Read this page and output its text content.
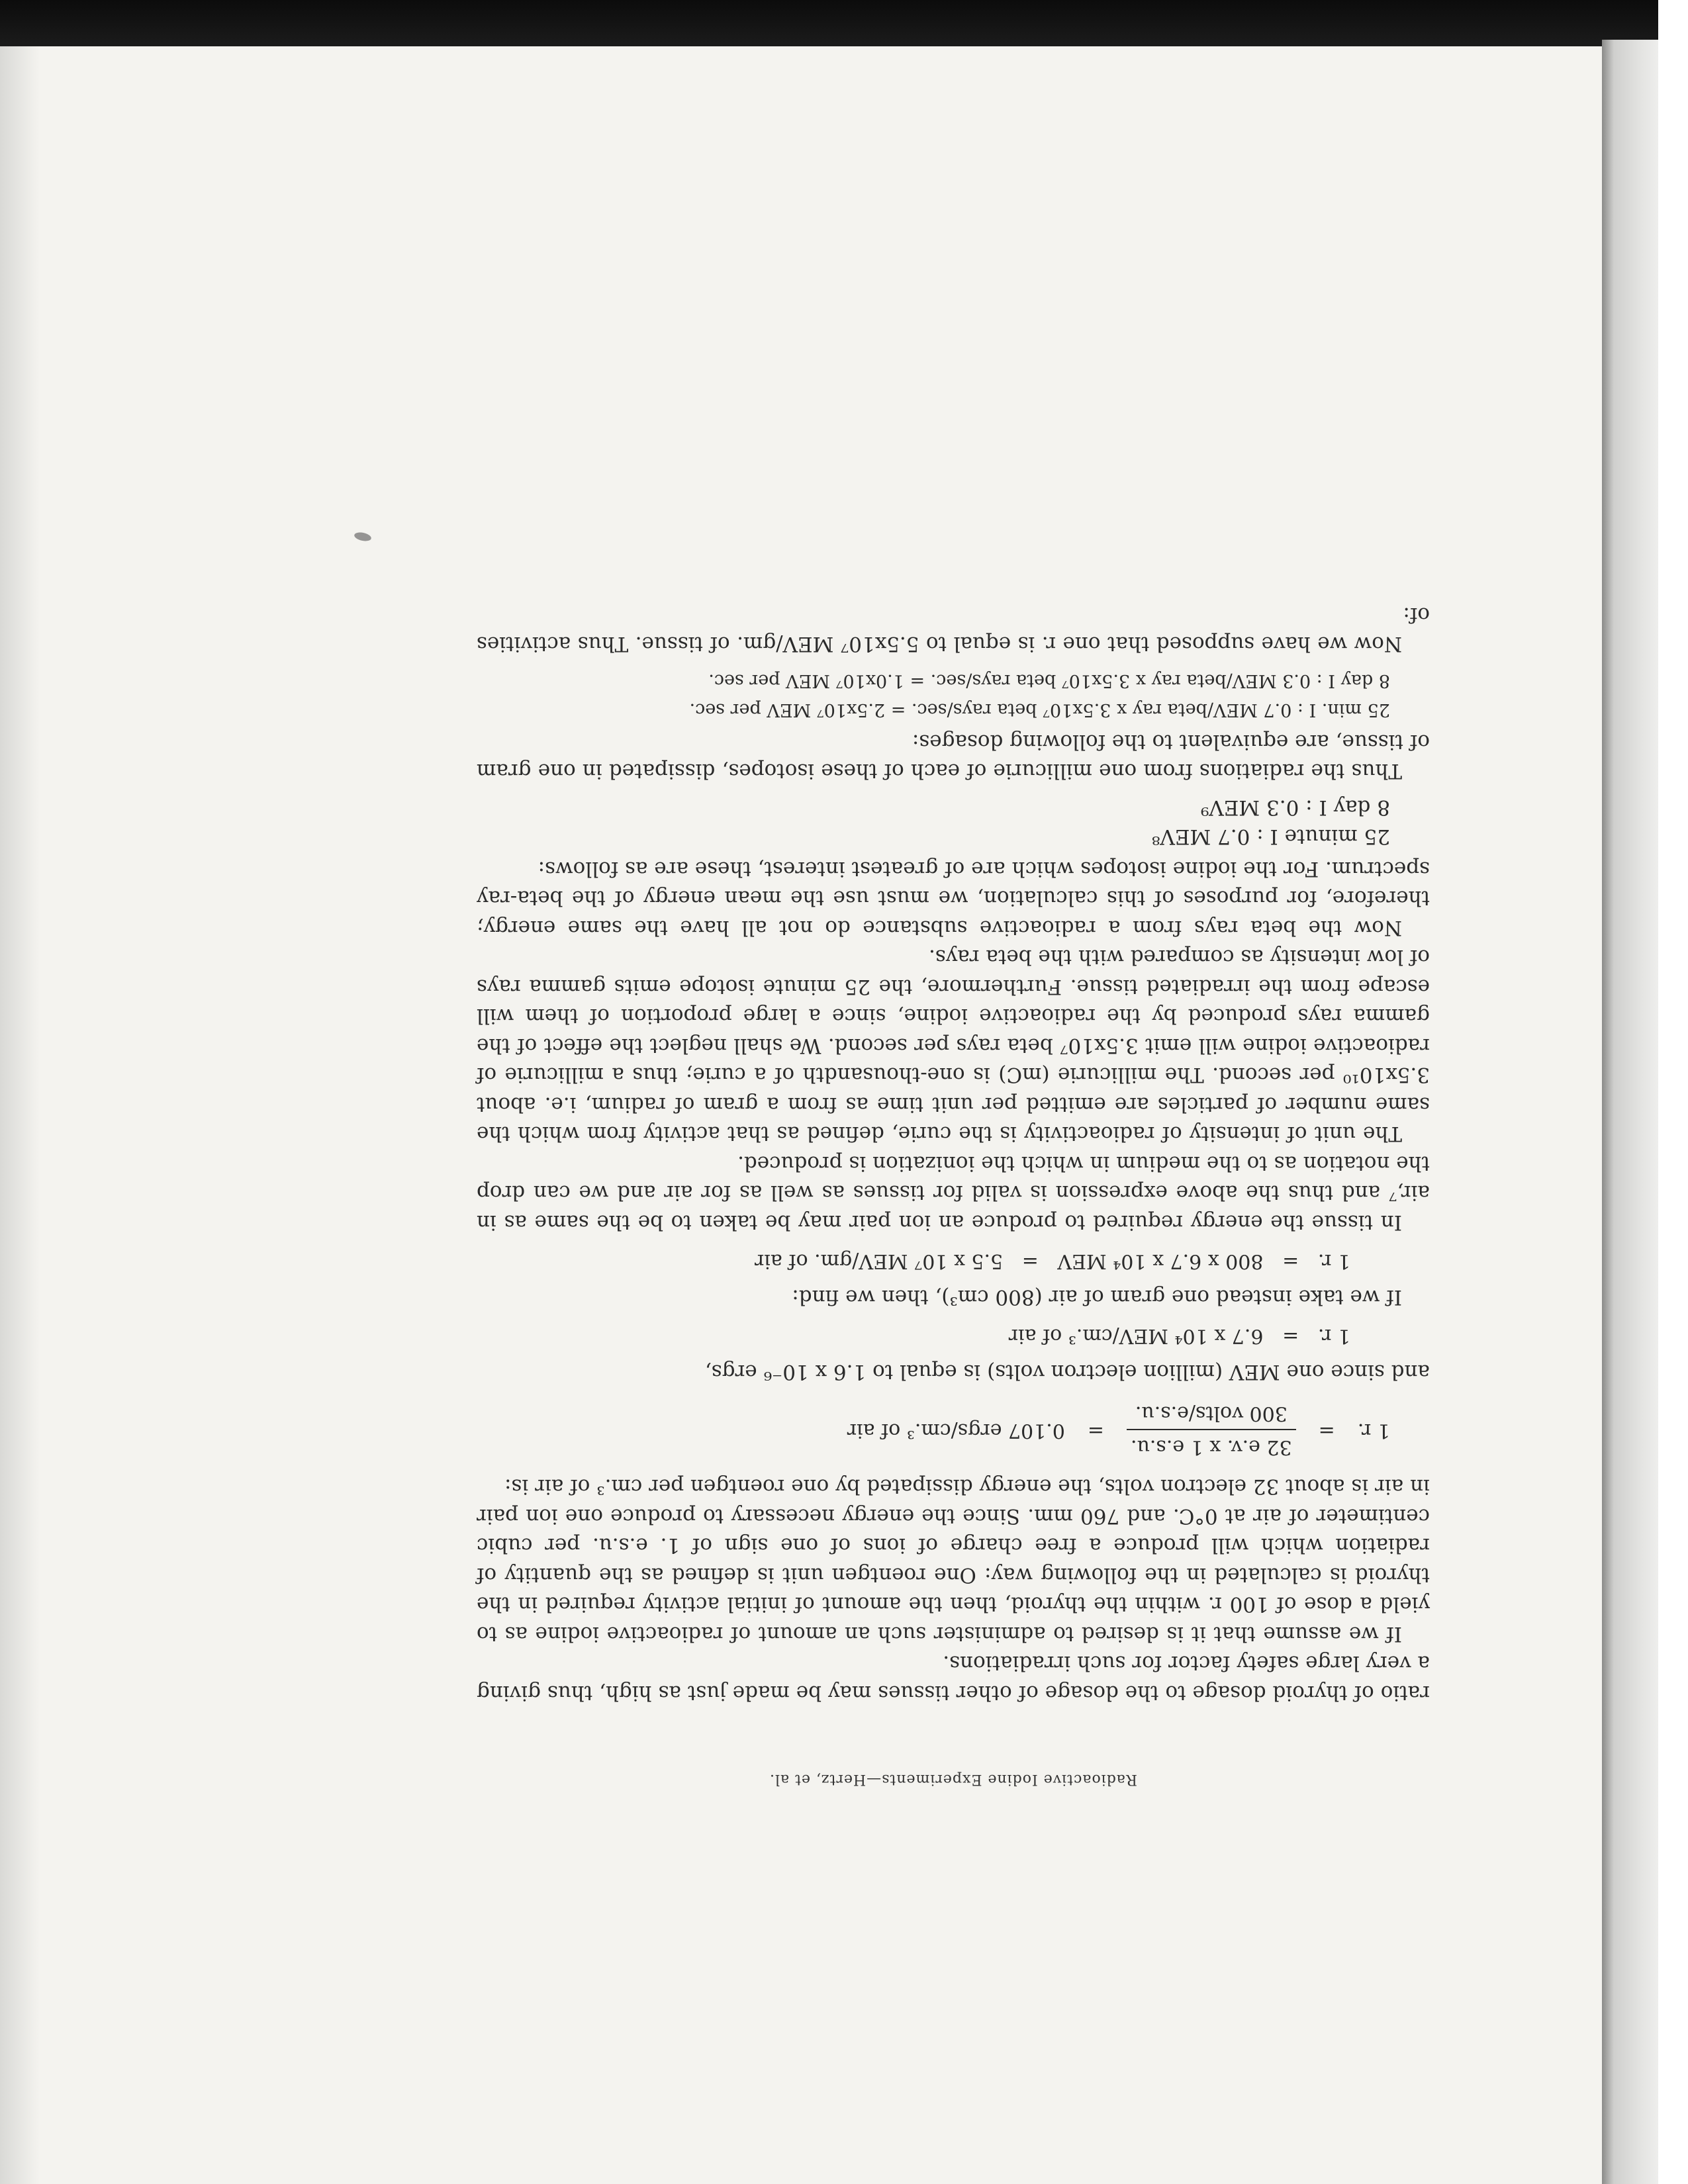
Radioactive Iodine Experiments—Hertz, et al.

ratio of thyroid dosage to the dosage of other tissues may be made just as high, thus giving a very large safety factor for such irradiations.

If we assume that it is desired to administer such an amount of radioactive iodine as to yield a dose of 100 r. within the thyroid, then the amount of initial activity required in the thyroid is calculated in the following way: One roentgen unit is defined as the quantity of radiation which will produce a free charge of ions of one sign of 1. e.s.u. per cubic centimeter of air at 0°C. and 760 mm. Since the energy necessary to produce one ion pair in air is about 32 electron volts, the energy dissipated by one roentgen per cm.³ of air is:

1 r.
=
32 e.v. x 1 e.s.u.
300 volts/e.s.u.
=
0.107 ergs/cm.³ of air

and since one MEV (million electron volts) is equal to 1.6 x 10⁻⁶ ergs,

1 r.   =   6.7 x 10⁴ MEV/cm.³ of air

If we take instead one gram of air (800 cm³), then we find:

1 r.   =   800 x 6.7 x 10⁴ MEV   =   5.5 x 10⁷ MEV/gm. of air

In tissue the energy required to produce an ion pair may be taken to be the same as in air,⁷ and thus the above expression is valid for tissues as well as for air and we can drop the notation as to the medium in which the ionization is produced.

The unit of intensity of radioactivity is the curie, defined as that activity from which the same number of particles are emitted per unit time as from a gram of radium, i.e. about 3.5x10¹⁰ per second. The millicurie (mC) is one-thousandth of a curie; thus a millicurie of radioactive iodine will emit 3.5x10⁷ beta rays per second. We shall neglect the effect of the gamma rays produced by the radioactive iodine, since a large proportion of them will escape from the irradiated tissue. Furthermore, the 25 minute isotope emits gamma rays of low intensity as compared with the beta rays.

Now the beta rays from a radioactive substance do not all have the same energy; therefore, for purposes of this calculation, we must use the mean energy of the beta-ray spectrum. For the iodine isotopes which are of greatest interest, these are as follows:

25 minute I : 0.7 MEV⁸
8 day I : 0.3 MEV⁹

Thus the radiations from one millicurie of each of these isotopes, dissipated in one gram of tissue, are equivalent to the following dosages:

25 min. I : 0.7 MEV/beta ray x 3.5x10⁷ beta rays/sec. = 2.5x10⁷ MEV per sec.
8 day I : 0.3 MEV/beta ray x 3.5x10⁷ beta rays/sec. = 1.0x10⁷ MEV per sec.

Now we have supposed that one r. is equal to 5.5x10⁷ MEV/gm. of tissue. Thus activities of:
